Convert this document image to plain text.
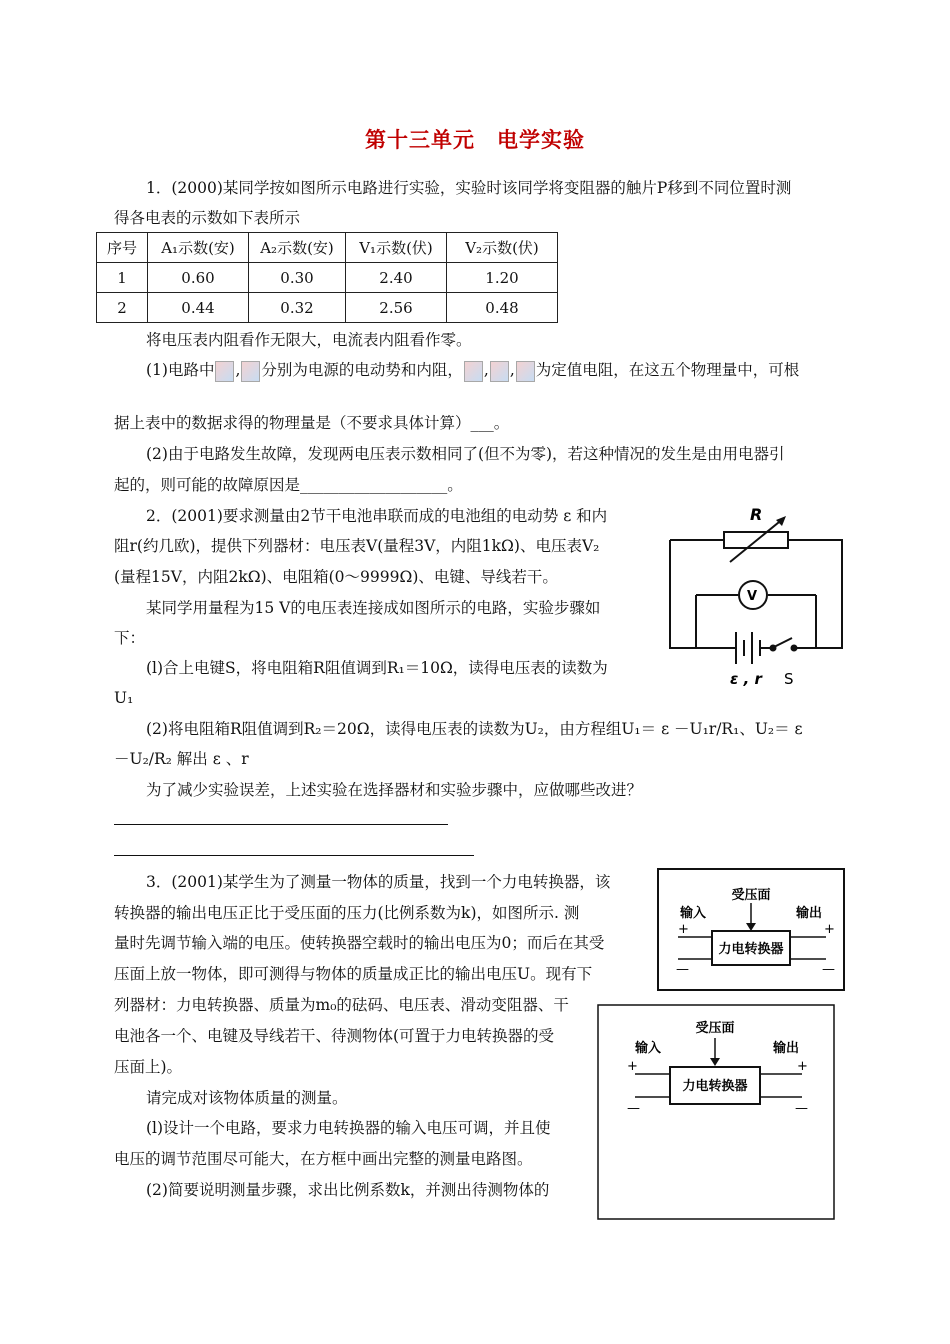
第十三单元　电学实验
1．(2000)某同学按如图所示电路进行实验，实验时该同学将变阻器的触片P移到不同位置时测
得各电表的示数如下表所示
序号	A₁示数(安)	A₂示数(安)	V₁示数(伏)	V₂示数(伏)
1	0.60	0.30	2.40	1.20
2	0.44	0.32	2.56	0.48
将电压表内阻看作无限大，电流表内阻看作零。
(1)电路中 , 分别为电源的电动势和内阻， , , 为定值电阻，在这五个物理量中，可根
据上表中的数据求得的物理量是（不要求具体计算）___。
(2)由于电路发生故障，发现两电压表示数相同了(但不为零)，若这种情况的发生是由用电器引
起的，则可能的故障原因是___________________。
2．(2001)要求测量由2节干电池串联而成的电池组的电动势 ε 和内
阻r(约几欧)，提供下列器材：电压表V(量程3V，内阻1kΩ)、电压表V₂
(量程15V，内阻2kΩ)、电阻箱(0～9999Ω)、电键、导线若干。
某同学用量程为15 V的电压表连接成如图所示的电路，实验步骤如
下：
(l)合上电键S，将电阻箱R阻值调到R₁＝10Ω，读得电压表的读数为
U₁
(2)将电阻箱R阻值调到R₂＝20Ω，读得电压表的读数为U₂，由方程组U₁＝ ε －U₁r/R₁、U₂＝ ε
－U₂/R₂ 解出 ε 、r
为了减少实验误差，上述实验在选择器材和实验步骤中，应做哪些改进？
R
V
ε , r S
3．(2001)某学生为了测量一物体的质量，找到一个力电转换器，该
转换器的输出电压正比于受压面的压力(比例系数为k)，如图所示. 测
量时先调节输入端的电压。使转换器空载时的输出电压为0；而后在其受
压面上放一物体，即可测得与物体的质量成正比的输出电压U。现有下
列器材：力电转换器、质量为m₀的砝码、电压表、滑动变阻器、干
电池各一个、电键及导线若干、待测物体(可置于力电转换器的受
压面上)。
请完成对该物体质量的测量。
(l)设计一个电路，要求力电转换器的输入电压可调，并且使
电压的调节范围尽可能大，在方框中画出完整的测量电路图。
(2)简要说明测量步骤，求出比例系数k，并测出待测物体的
受压面
输入	输出
力电转换器
+
—
+
—
受压面
输入	输出
力电转换器
+
—
+
—
